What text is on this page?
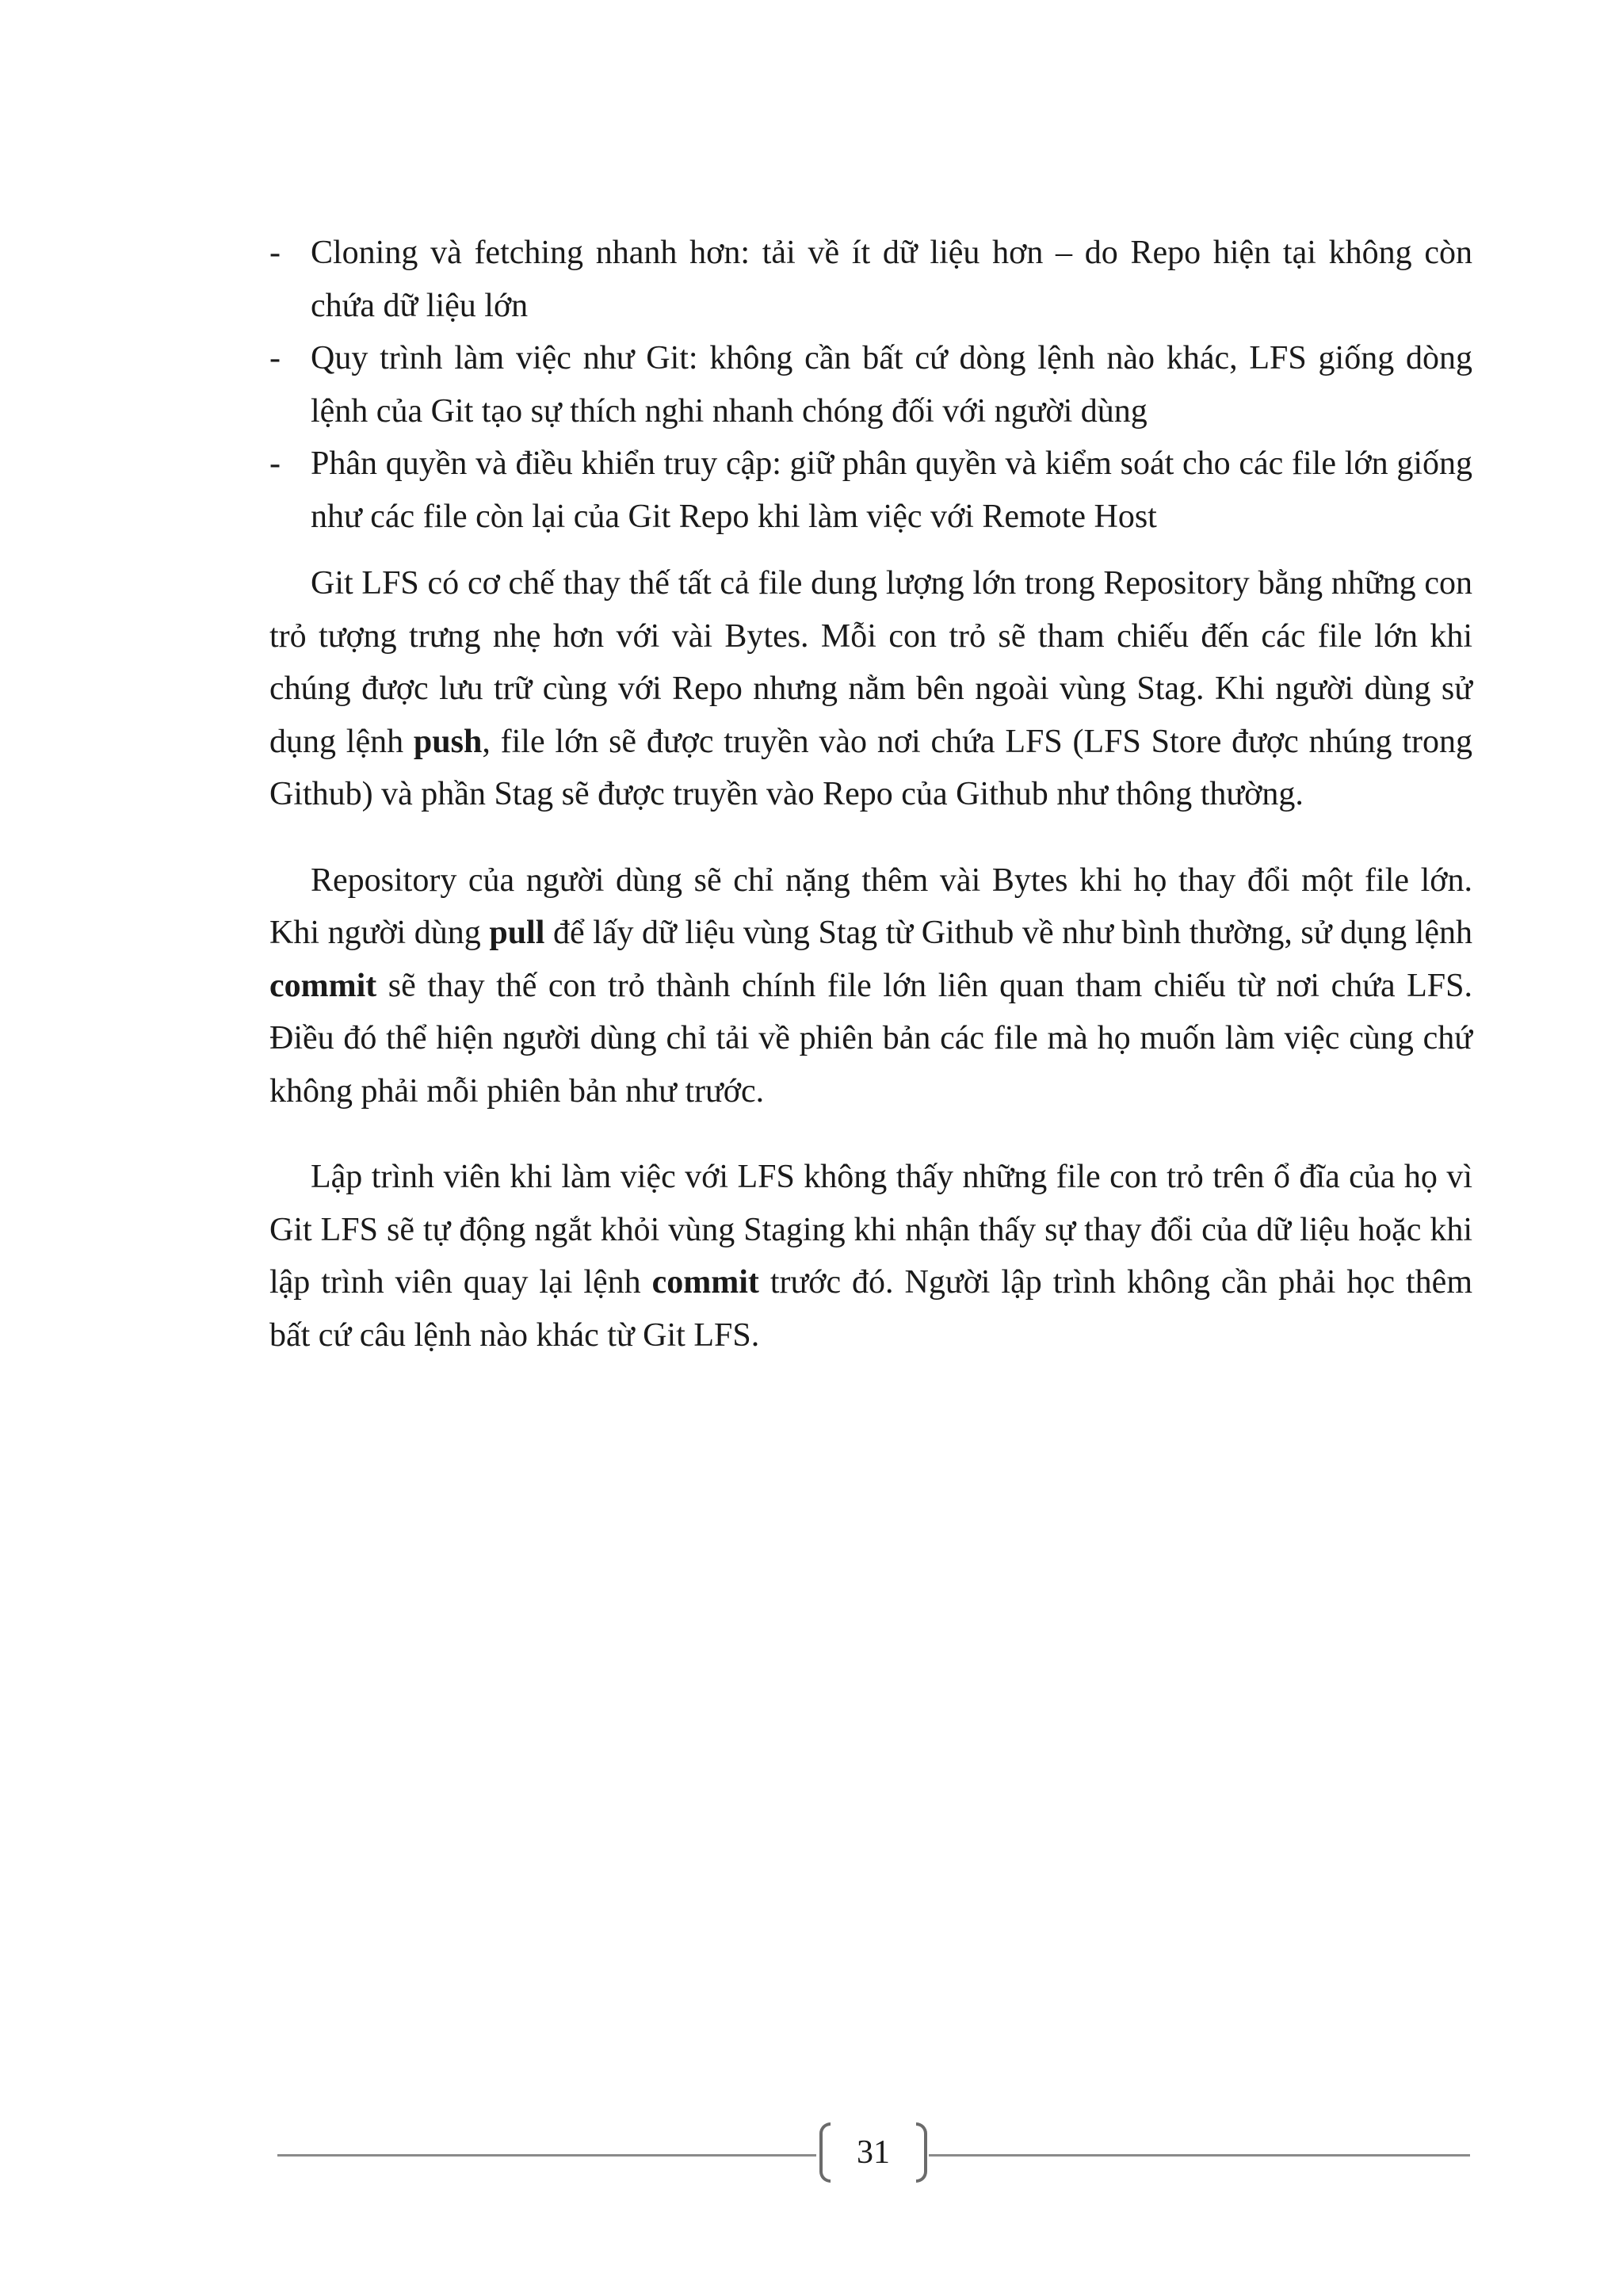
- Cloning và fetching nhanh hơn: tải về ít dữ liệu hơn – do Repo hiện tại không còn chứa dữ liệu lớn
- Quy trình làm việc như Git: không cần bất cứ dòng lệnh nào khác, LFS giống dòng lệnh của Git tạo sự thích nghi nhanh chóng đối với người dùng
- Phân quyền và điều khiển truy cập: giữ phân quyền và kiểm soát cho các file lớn giống như các file còn lại của Git Repo khi làm việc với Remote Host

Git LFS có cơ chế thay thế tất cả file dung lượng lớn trong Repository bằng những con trỏ tượng trưng nhẹ hơn với vài Bytes. Mỗi con trỏ sẽ tham chiếu đến các file lớn khi chúng được lưu trữ cùng với Repo nhưng nằm bên ngoài vùng Stag. Khi người dùng sử dụng lệnh push, file lớn sẽ được truyền vào nơi chứa LFS (LFS Store được nhúng trong Github) và phần Stag sẽ được truyền vào Repo của Github như thông thường.

Repository của người dùng sẽ chỉ nặng thêm vài Bytes khi họ thay đổi một file lớn. Khi người dùng pull để lấy dữ liệu vùng Stag từ Github về như bình thường, sử dụng lệnh commit sẽ thay thế con trỏ thành chính file lớn liên quan tham chiếu từ nơi chứa LFS. Điều đó thể hiện người dùng chỉ tải về phiên bản các file mà họ muốn làm việc cùng chứ không phải mỗi phiên bản như trước.

Lập trình viên khi làm việc với LFS không thấy những file con trỏ trên ổ đĩa của họ vì Git LFS sẽ tự động ngắt khỏi vùng Staging khi nhận thấy sự thay đổi của dữ liệu hoặc khi lập trình viên quay lại lệnh commit trước đó. Người lập trình không cần phải học thêm bất cứ câu lệnh nào khác từ Git LFS.

31
